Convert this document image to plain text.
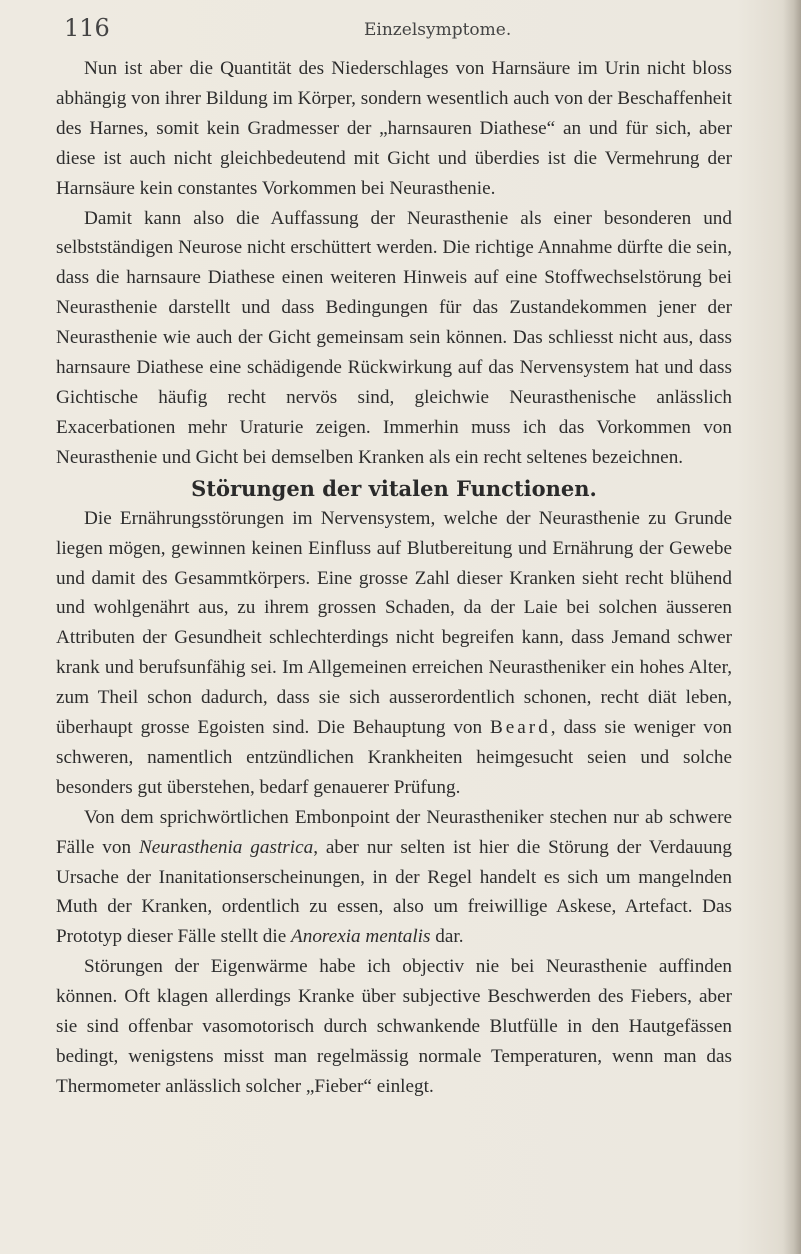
116	Einzelsymptome.

Nun ist aber die Quantität des Niederschlages von Harnsäure im Urin nicht bloss abhängig von ihrer Bildung im Körper, sondern wesentlich auch von der Beschaffenheit des Harnes, somit kein Gradmesser der „harnsauren Diathese“ an und für sich, aber diese ist auch nicht gleichbedeutend mit Gicht und überdies ist die Vermehrung der Harnsäure kein constantes Vorkommen bei Neurasthenie.

Damit kann also die Auffassung der Neurasthenie als einer besonderen und selbstständigen Neurose nicht erschüttert werden. Die richtige Annahme dürfte die sein, dass die harnsaure Diathese einen weiteren Hinweis auf eine Stoffwechselstörung bei Neurasthenie darstellt und dass Bedingungen für das Zustandekommen jener der Neurasthenie wie auch der Gicht gemeinsam sein können. Das schliesst nicht aus, dass harnsaure Diathese eine schädigende Rückwirkung auf das Nervensystem hat und dass Gichtische häufig recht nervös sind, gleichwie Neurasthenische anlässlich Exacerbationen mehr Uraturie zeigen. Immerhin muss ich das Vorkommen von Neurasthenie und Gicht bei demselben Kranken als ein recht seltenes bezeichnen.

Störungen der vitalen Functionen.

Die Ernährungsstörungen im Nervensystem, welche der Neurasthenie zu Grunde liegen mögen, gewinnen keinen Einfluss auf Blutbereitung und Ernährung der Gewebe und damit des Gesammtkörpers. Eine grosse Zahl dieser Kranken sieht recht blühend und wohlgenährt aus, zu ihrem grossen Schaden, da der Laie bei solchen äusseren Attributen der Gesundheit schlechterdings nicht begreifen kann, dass Jemand schwer krank und berufsunfähig sei. Im Allgemeinen erreichen Neurastheniker ein hohes Alter, zum Theil schon dadurch, dass sie sich ausserordentlich schonen, recht diät leben, überhaupt grosse Egoisten sind. Die Behauptung von Beard, dass sie weniger von schweren, namentlich entzündlichen Krankheiten heimgesucht seien und solche besonders gut überstehen, bedarf genauerer Prüfung.

Von dem sprichwörtlichen Embonpoint der Neurastheniker stechen nur ab schwere Fälle von Neurasthenia gastrica, aber nur selten ist hier die Störung der Verdauung Ursache der Inanitationserscheinungen, in der Regel handelt es sich um mangelnden Muth der Kranken, ordentlich zu essen, also um freiwillige Askese, Artefact. Das Prototyp dieser Fälle stellt die Anorexia mentalis dar.

Störungen der Eigenwärme habe ich objectiv nie bei Neurasthenie auffinden können. Oft klagen allerdings Kranke über subjective Beschwerden des Fiebers, aber sie sind offenbar vasomotorisch durch schwankende Blutfülle in den Hautgefässen bedingt, wenigstens misst man regelmässig normale Temperaturen, wenn man das Thermometer anlässlich solcher „Fieber“ einlegt.
